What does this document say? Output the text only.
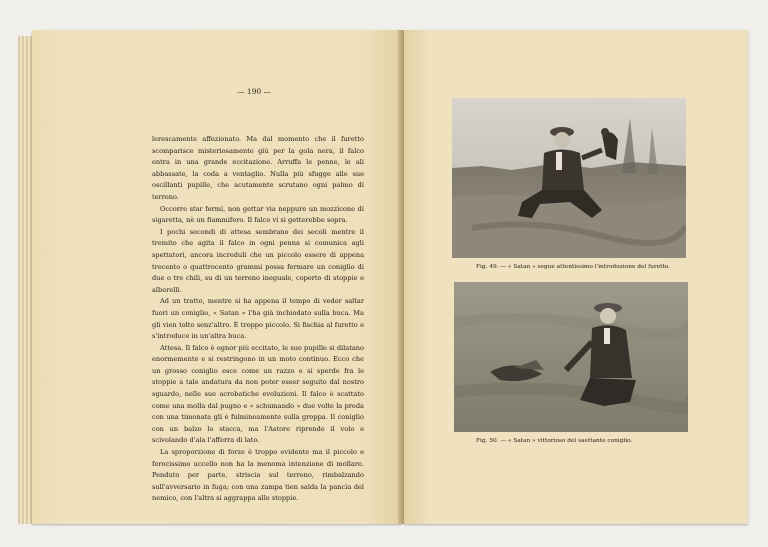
— 190 —

lerescamente affezionato. Ma dal momento che il furetto scomparisce misteriosamente giù per la gola nera, il falco entra in una grande eccitazione. Arruffa le penne, le ali abbassate, la coda a ventaglio. Nulla più sfugge alle sue oscillanti pupille, che acutamente scrutano ogni palmo di terreno.

Occorre star fermi, non gettar via neppure un mozzicone di sigaretta, nè un fiammifero. Il falco vi si getterebbe sopra.

I pochi secondi di attesa sembrano dei secoli mentre il tremito che agita il falco in ogni penna si comunica agli spettatori, ancora increduli che un piccolo essere di appena trecento o quattrocento grammi possa fermare un coniglio di due o tre chili, su di un terreno ineguale, coperto di stoppie e alberelli.

Ad un tratto, mentre si ha appena il tempo di veder saltar fuori un coniglio, « Satan » l'ha già inchiodato sulla buca. Ma gli vien tolto senz'altro. È troppo piccolo. Si fischia al furetto e s'introduce in un'altra buca.

Attesa. Il falco è ognor più eccitato, le sue pupille si dilatano enormemente e si restringono in un moto continuo. Ecco che un grosso coniglio esce come un razzo e si sperde fra le stoppie a tale andatura da non poter esser seguito dal nostro sguardo, nelle sue acrobatiche evoluzioni. Il falco è scattato come una molla dal pugno e « schumando » due volte la preda con una timonata gli è fulmineamente sulla groppa. Il coniglio con un balzo lo stacca, ma l'Astore riprende il volo e scivolando d'ala l'afferra di lato.

La sproporzione di forze è troppo evidente ma il piccolo e ferocissimo uccello non ha la menoma intenzione di mollare. Penduto per parte, striscia sul terreno, rimbalzando sull'avversario in fuga; con una zampa tien salda la pancia del nemico, con l'altra si aggrappa alle stoppie.

Fig. 49. — « Satan » segue attentissimo l'introduzione del furetto.
Fig. 50. — « Satan » vittorioso del saettante coniglio.
